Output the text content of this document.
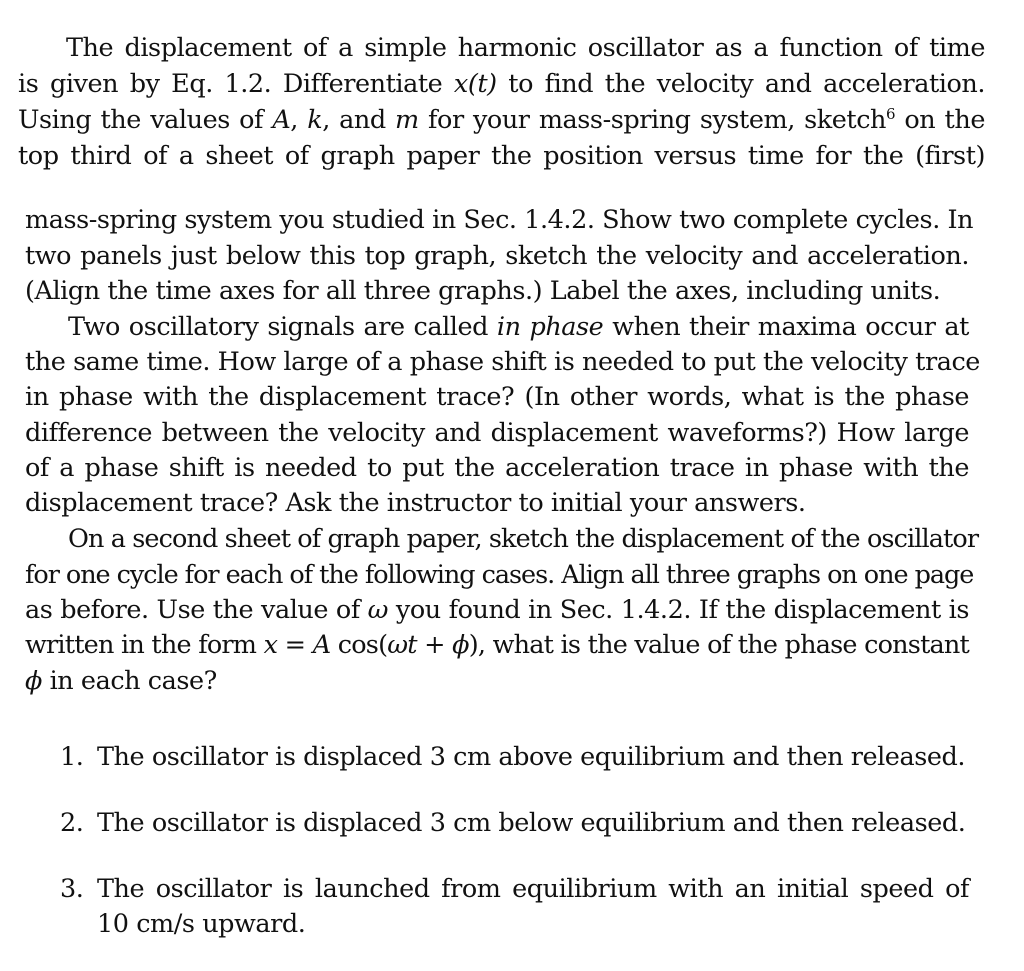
The displacement of a simple harmonic oscillator as a function of time
is given by Eq. 1.2. Differentiate x(t) to find the velocity and acceleration.
Using the values of A, k, and m for your mass-spring system, sketch$^6$ on the
top third of a sheet of graph paper the position versus time for the (first)
mass-spring system you studied in Sec. 1.4.2. Show two complete cycles. In
two panels just below this top graph, sketch the velocity and acceleration.
(Align the time axes for all three graphs.) Label the axes, including units.
Two oscillatory signals are called in phase when their maxima occur at
the same time. How large of a phase shift is needed to put the velocity trace
in phase with the displacement trace? (In other words, what is the phase
difference between the velocity and displacement waveforms?) How large
of a phase shift is needed to put the acceleration trace in phase with the
displacement trace? Ask the instructor to initial your answers.
On a second sheet of graph paper, sketch the displacement of the oscillator
for one cycle for each of the following cases. Align all three graphs on one page
as before. Use the value of ω you found in Sec. 1.4.2. If the displacement is
written in the form x = A cos(ωt + ϕ), what is the value of the phase constant
ϕ in each case?
1. The oscillator is displaced 3 cm above equilibrium and then released.
2. The oscillator is displaced 3 cm below equilibrium and then released.
3. The oscillator is launched from equilibrium with an initial speed of
10 cm/s upward.
